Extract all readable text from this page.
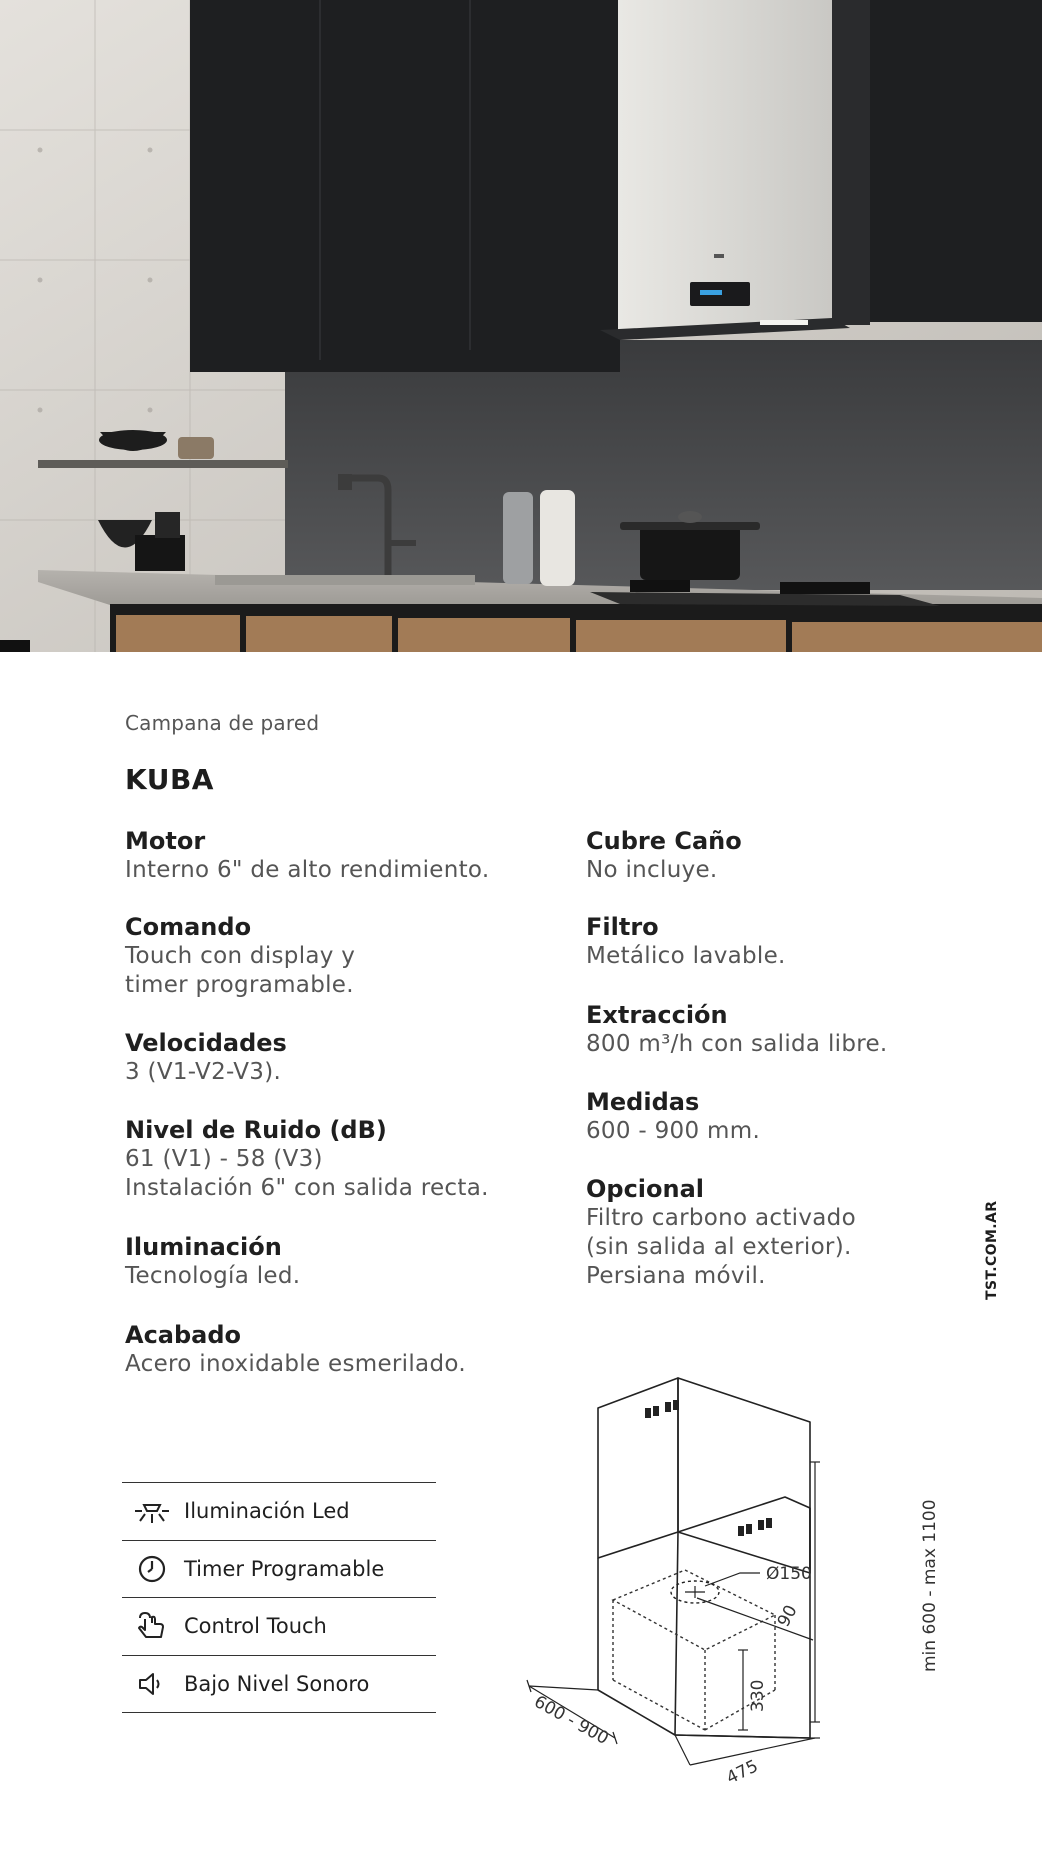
Campana de pared
KUBA
Motor
Interno 6" de alto rendimiento.
Comando
Touch con display y
timer programable.
Velocidades
3 (V1-V2-V3).
Nivel de Ruido (dB)
61 (V1) - 58 (V3)
Instalación 6" con salida recta.
Iluminación
Tecnología led.
Acabado
Acero inoxidable esmerilado.
Cubre Caño
No incluye.
Filtro
Metálico lavable.
Extracción
800 m³/h con salida libre.
Medidas
600 - 900 mm.
Opcional
Filtro carbono activado
(sin salida al exterior).
Persiana móvil.	TST.COM.AR
Iluminación Led
Timer Programable
Control Touch
Bajo Nivel Sonoro
Ø150
90
330
min 600 - max 1100
600 - 900
475
